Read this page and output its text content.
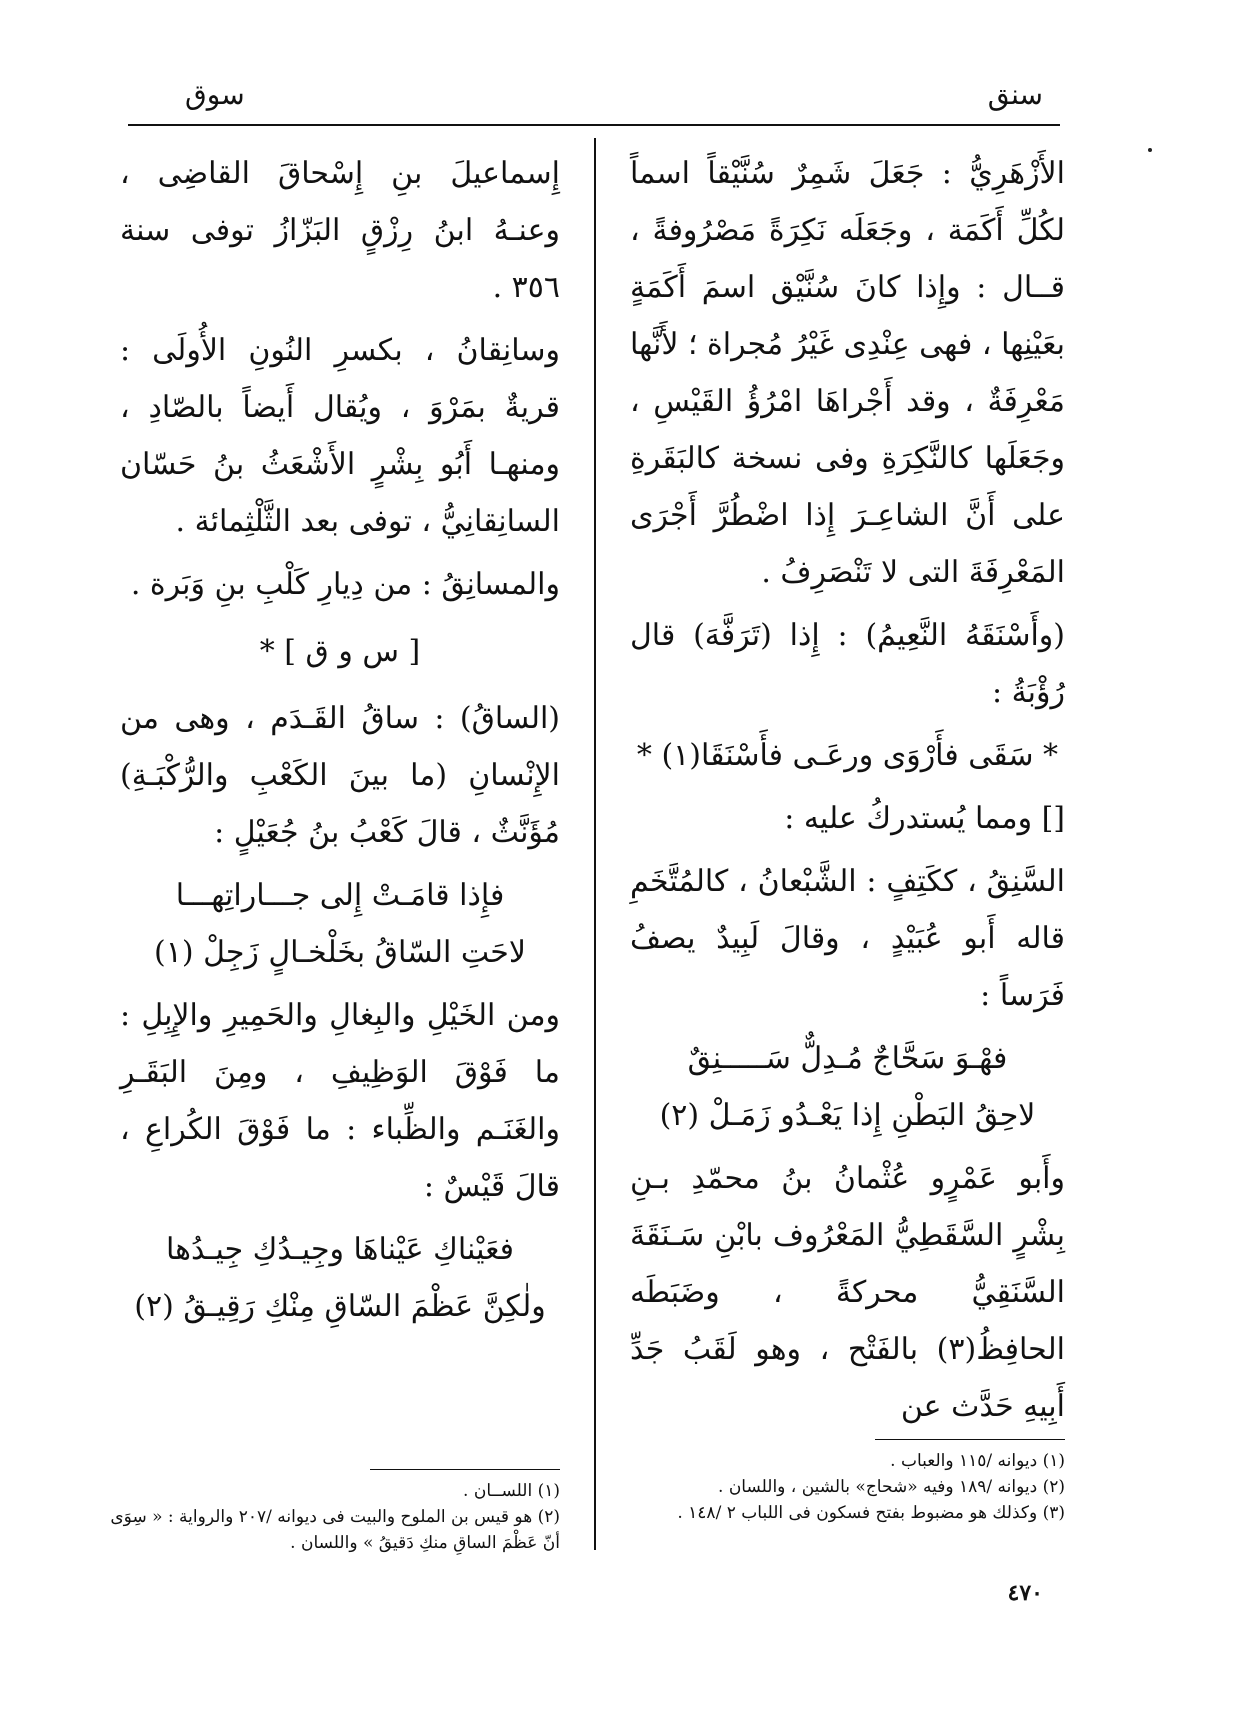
سنق
سوق

الأَزْهَرِيُّ : جَعَلَ شَمِرٌ سُنَّيْقاً اسماً لكُلِّ أَكَمَة ، وجَعَلَه نَكِرَةً مَصْرُوفةً ، قــال : وإِذا كانَ سُنَّيْق اسمَ أَكَمَةٍ بعَيْنِها ، فهى عِنْدِى غَيْرُ مُجراة ؛ لأَنَّها مَعْرِفَةٌ ، وقد أَجْراهَا امْرُؤُ القَيْسِ ، وجَعَلَها كالنَّكِرَةِ وفى نسخة كالبَقَرةِ على أَنَّ الشاعِـرَ إِذا اضْطُرَّ أَجْرَى المَعْرِفَةَ التى لا تَنْصَرِفُ .

(وأَسْنَقَهُ النَّعِيمُ) : إِذا (تَرَفَّهَ) قال رُؤْبَةُ :

* سَقَى فأَرْوَى ورعَـى فأَسْنَقَا(١) *

[] ومما يُستدركُ عليه :

السَّنِقُ ، ككَتِفٍ : الشَّبْعانُ ، كالمُتَّخَمِ قاله أَبو عُبَيْدٍ ، وقالَ لَبِيدٌ يصفُ فَرَساً :

فهْـوَ سَحَّاجٌ مُـدِلٌّ سَـــــنِقٌ
لاحِقُ البَطْنِ إِذا يَعْـدُو زَمَـلْ (٢)

وأَبو عَمْرٍو عُثْمانُ بنُ محمّدِ بـنِ بِشْرٍ السَّقَطِيُّ المَعْرُوف بابْنِ سَـنَقَةَ السَّنَقِيُّ محركةً ، وضَبَطَه الحافِظُ(٣) بالفَتْح ، وهو لَقَبُ جَدِّ أَبِيهِ حَدَّث عن

إِسماعيلَ بنِ إِسْحاقَ القاضِى ، وعنـهُ ابنُ رِزْقٍ البَزّازُ توفى سنة ٣٥٦ .

وسانِقانُ ، بكسرِ النُونِ الأُولَى : قريةٌ بمَرْوَ ، ويُقال أَيضاً بالصّادِ ، ومنهـا أَبُو بِشْرٍ الأَشْعَثُ بنُ حَسّان السانِقانِيُّ ، توفى بعد الثَّلْثِمائة .

والمسانِقُ : من دِيارِ كَلْبِ بنِ وَبَرة .

[ س و ق ] *

(الساقُ) : ساقُ القَـدَم ، وهى من الإِنْسانِ (ما بينَ الكَعْبِ والرُّكْبَـةِ) مُؤَنَّثٌ ، قالَ كَعْبُ بنُ جُعَيْلٍ :

فإِذا قامَـتْ إِلى جـــاراتِهـــا
لاحَتِ السّاقُ بخَلْخـالٍ زَجِلْ (١)

ومن الخَيْلِ والبِغالِ والحَمِيرِ والإِبِلِ : ما فَوْقَ الوَظِيفِ ، ومِنَ البَقَـرِ والغَنَـم والظِّباء : ما فَوْقَ الكُراعِ ، قالَ قَيْسٌ :

فعَيْناكِ عَيْناهَا وجِيـدُكِ جِيـدُها
ولٰكِنَّ عَظْمَ السّاقِ مِنْكِ رَقِيـقُ (٢)

(١) ديوانه /١١٥ والعباب .

(٢) ديوانه /١٨٩ وفيه «شحاج» بالشين ، واللسان .

(٣) وكذلك هو مضبوط بفتح فسكون فى اللباب ٢ /١٤٨ .

(١) اللســان .

(٢) هو قيس بن الملوح والبيت فى ديوانه /٢٠٧ والرواية : « سِوَى أنّ عَظْمَ الساقِ منكِ دَقيقُ » واللسان .

٤٧٠
